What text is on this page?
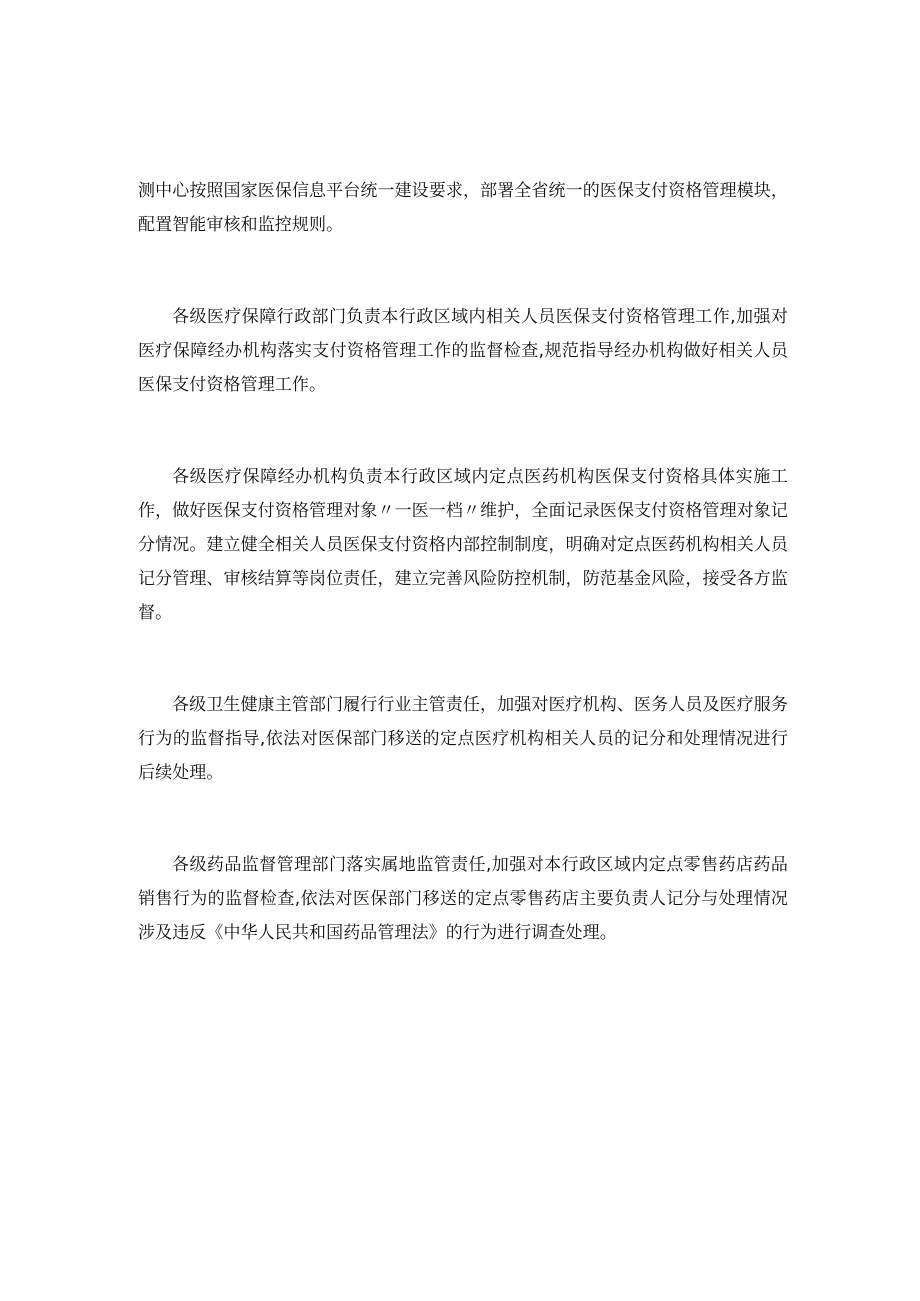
测中心按照国家医保信息平台统一建设要求，部署全省统一的医保支付资格管理模块，配置智能审核和监控规则。

各级医疗保障行政部门负责本行政区域内相关人员医保支付资格管理工作,加强对医疗保障经办机构落实支付资格管理工作的监督检查,规范指导经办机构做好相关人员医保支付资格管理工作。

各级医疗保障经办机构负责本行政区域内定点医药机构医保支付资格具体实施工作，做好医保支付资格管理对象〃一医一档〃维护，全面记录医保支付资格管理对象记分情况。建立健全相关人员医保支付资格内部控制制度，明确对定点医药机构相关人员记分管理、审核结算等岗位责任，建立完善风险防控机制，防范基金风险，接受各方监督。

各级卫生健康主管部门履行行业主管责任，加强对医疗机构、医务人员及医疗服务行为的监督指导,依法对医保部门移送的定点医疗机构相关人员的记分和处理情况进行后续处理。

各级药品监督管理部门落实属地监管责任,加强对本行政区域内定点零售药店药品销售行为的监督检查,依法对医保部门移送的定点零售药店主要负责人记分与处理情况涉及违反《中华人民共和国药品管理法》的行为进行调查处理。
